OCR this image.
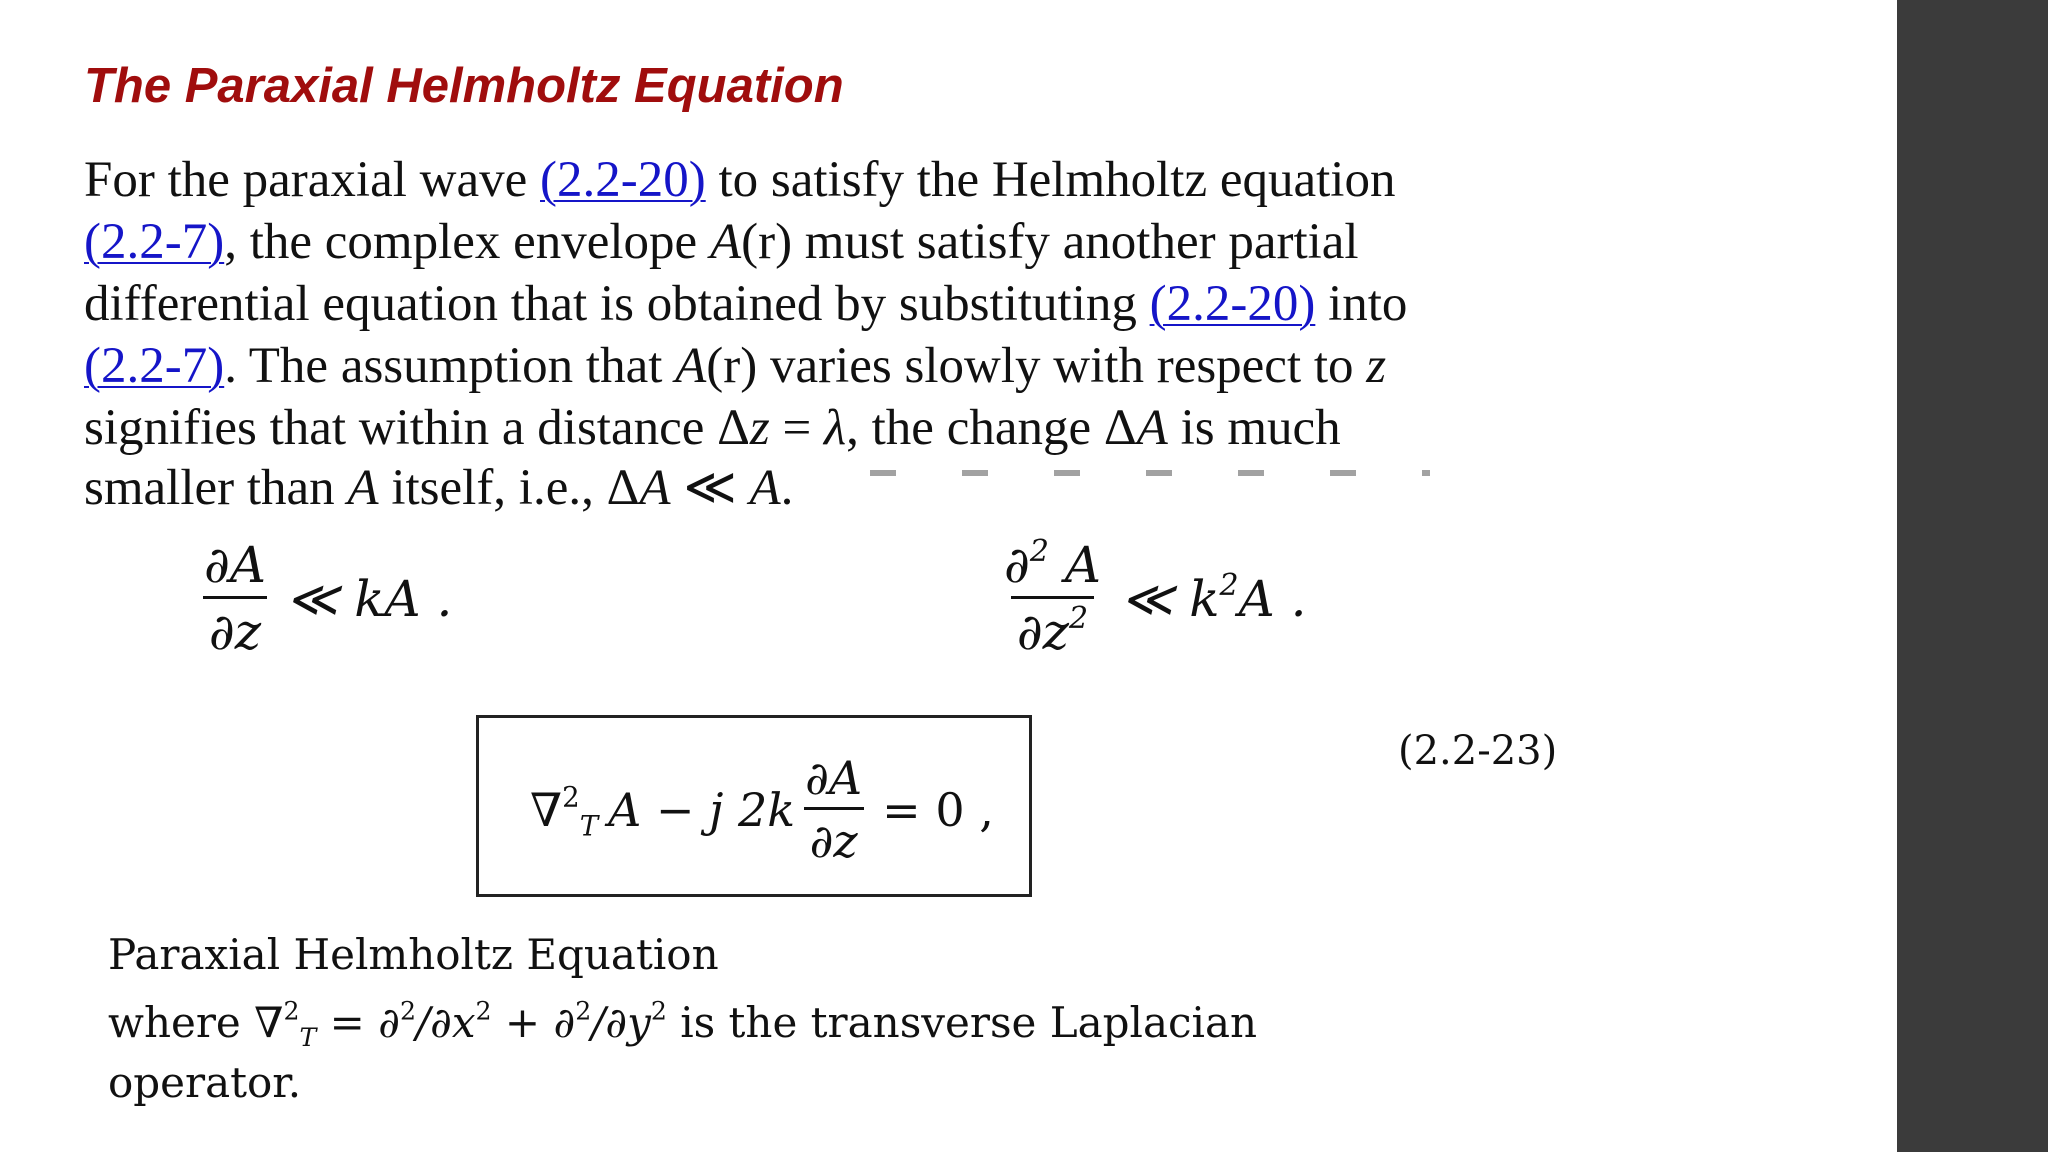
The Paraxial Helmholtz Equation
For the paraxial wave (2.2-20) to satisfy the Helmholtz equation
(2.2-7), the complex envelope A(r) must satisfy another partial
differential equation that is obtained by substituting (2.2-20) into
(2.2-7). The assumption that A(r) varies slowly with respect to z
signifies that within a distance Δz = λ, the change ΔA is much
smaller than A itself, i.e., ΔA ≪ A.
$\frac{\partial A}{\partial z}$ ≪ kA .	$\frac{\partial^2 A}{\partial z^2}$ ≪ $k^2A$ .
∇$^2_T$ A − j $2k \frac{\partial A}{\partial z} = 0$ ,
(2.2-23)
Paraxial Helmholtz Equation
where $\nabla^2_T = \partial^2/\partial x^2 + \partial^2/\partial y^2$ is the transverse Laplacian
operator.
